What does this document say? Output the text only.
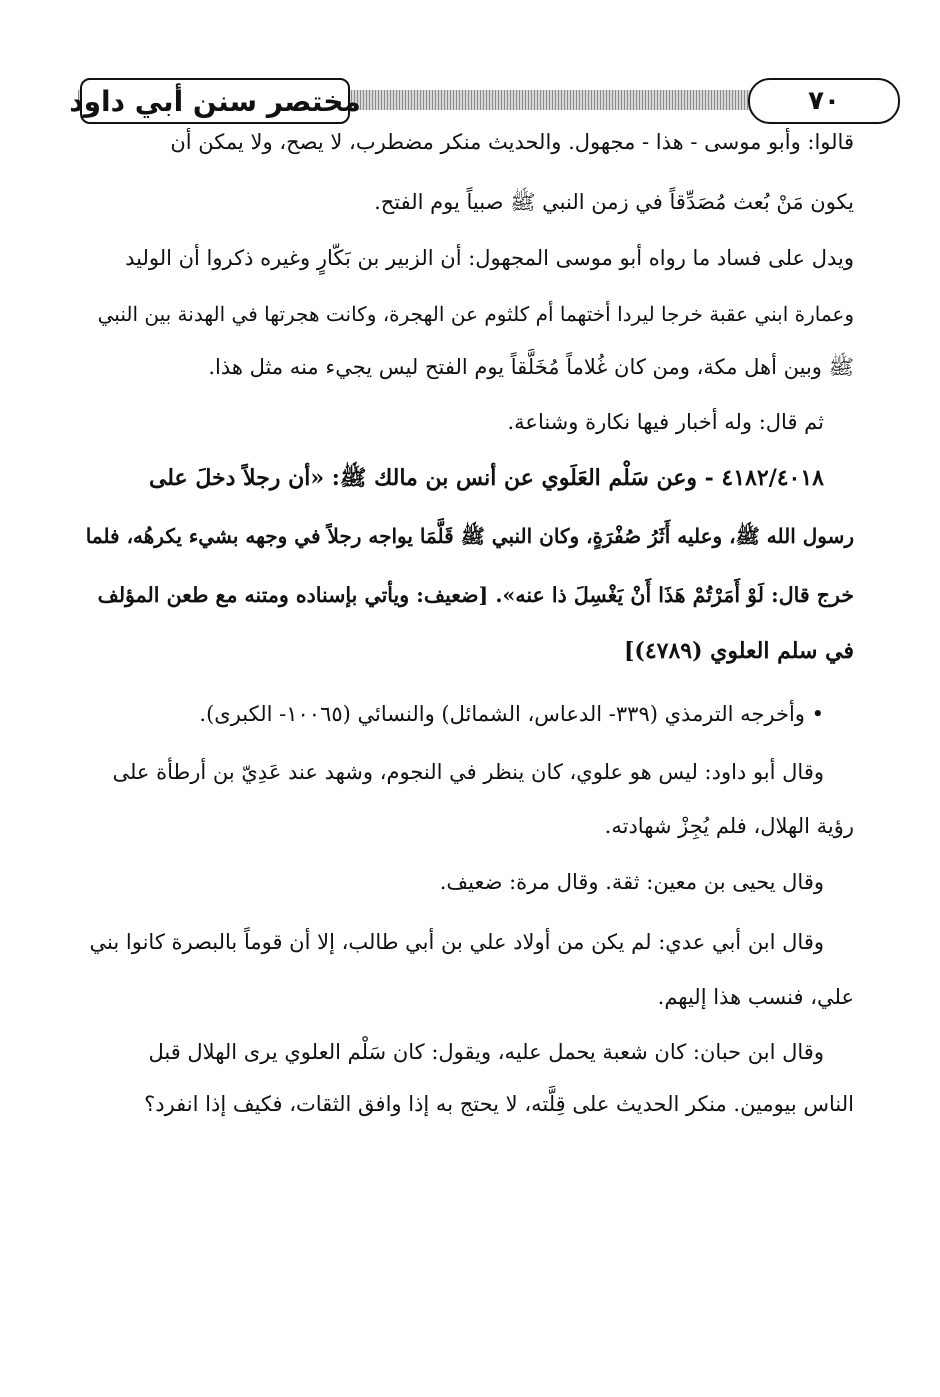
مختصر سنن أبي داود	٧٠
قالوا: وأبو موسى - هذا - مجهول. والحديث منكر مضطرب، لا يصح، ولا يمكن أن
يكون مَنْ بُعث مُصَدِّقاً في زمن النبي ﷺ صبياً يوم الفتح.
ويدل على فساد ما رواه أبو موسى المجهول: أن الزبير بن بَكّارٍ وغيره ذكروا أن الوليد
وعمارة ابني عقبة خرجا ليردا أختهما أم كلثوم عن الهجرة، وكانت هجرتها في الهدنة بين النبي
ﷺ وبين أهل مكة، ومن كان غُلاماً مُخَلَّقاً يوم الفتح ليس يجيء منه مثل هذا.
ثم قال: وله أخبار فيها نكارة وشناعة.
٤١٨٢/٤٠١٨ - وعن سَلْم العَلَوي عن أنس بن مالك ﷺ: «أن رجلاً دخلَ على
رسول الله ﷺ، وعليه أَثَرُ صُفْرَةٍ، وكان النبي ﷺ قَلَّمَا يواجه رجلاً في وجهه بشيء يكرهُه، فلما
خرج قال: لَوْ أَمَرْتُمْ هَذَا أَنْ يَغْسِلَ ذا عنه». [ضعيف: ويأتي بإسناده ومتنه مع طعن المؤلف
في سلم العلوي (٤٧٨٩)]
• وأخرجه الترمذي (٣٣٩- الدعاس، الشمائل) والنسائي (١٠٠٦٥- الكبرى).
وقال أبو داود: ليس هو علوي، كان ينظر في النجوم، وشهد عند عَدِيّ بن أرطأة على
رؤية الهلال، فلم يُجِزْ شهادته.
وقال يحيى بن معين: ثقة. وقال مرة: ضعيف.
وقال ابن أبي عدي: لم يكن من أولاد علي بن أبي طالب، إلا أن قوماً بالبصرة كانوا بني
علي، فنسب هذا إليهم.
وقال ابن حبان: كان شعبة يحمل عليه، ويقول: كان سَلْم العلوي يرى الهلال قبل
الناس بيومين. منكر الحديث على قِلَّته، لا يحتج به إذا وافق الثقات، فكيف إذا انفرد؟
